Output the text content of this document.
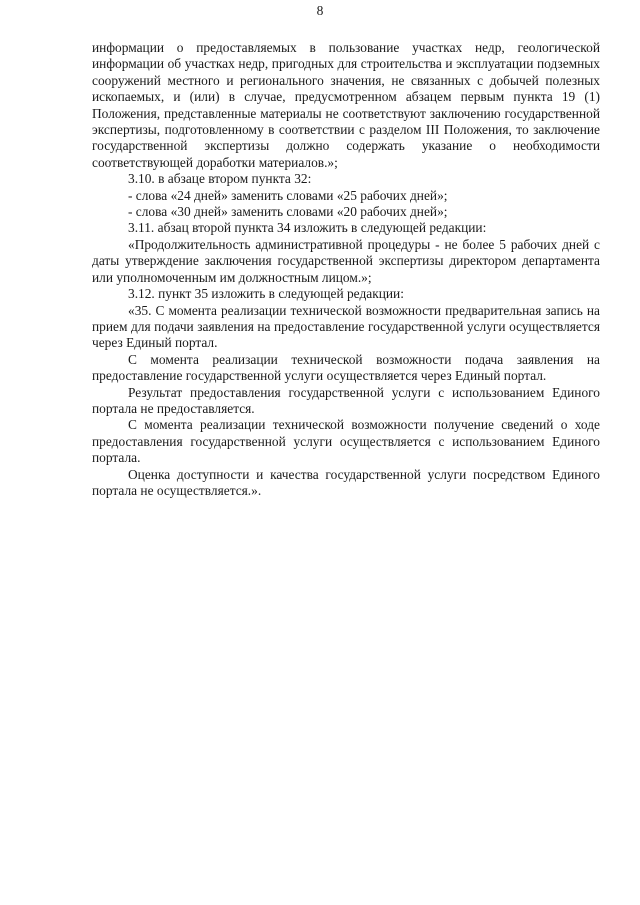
8

информации о предоставляемых в пользование участках недр, геологической информации об участках недр, пригодных для строительства и эксплуатации подземных сооружений местного и регионального значения, не связанных с добычей полезных ископаемых, и (или) в случае, предусмотренном абзацем первым пункта 19 (1) Положения, представленные материалы не соответствуют заключению государственной экспертизы, подготовленному в соответствии с разделом III Положения, то заключение государственной экспертизы должно содержать указание о необходимости соответствующей доработки материалов.»;

3.10. в абзаце втором пункта 32:

- слова «24 дней» заменить словами «25 рабочих дней»;

- слова «30 дней» заменить словами «20 рабочих дней»;

3.11. абзац второй пункта 34 изложить в следующей редакции:

«Продолжительность административной процедуры - не более 5 рабочих дней с даты утверждение заключения государственной экспертизы директором департамента или уполномоченным им должностным лицом.»;

3.12. пункт 35 изложить в следующей редакции:

«35. С момента реализации технической возможности предварительная запись на прием для подачи заявления на предоставление государственной услуги осуществляется через Единый портал.

С момента реализации технической возможности подача заявления на предоставление государственной услуги осуществляется через Единый портал.

Результат предоставления государственной услуги с использованием Единого портала не предоставляется.

С момента реализации технической возможности получение сведений о ходе предоставления государственной услуги осуществляется с использованием Единого портала.

Оценка доступности и качества государственной услуги посредством Единого портала не осуществляется.».
